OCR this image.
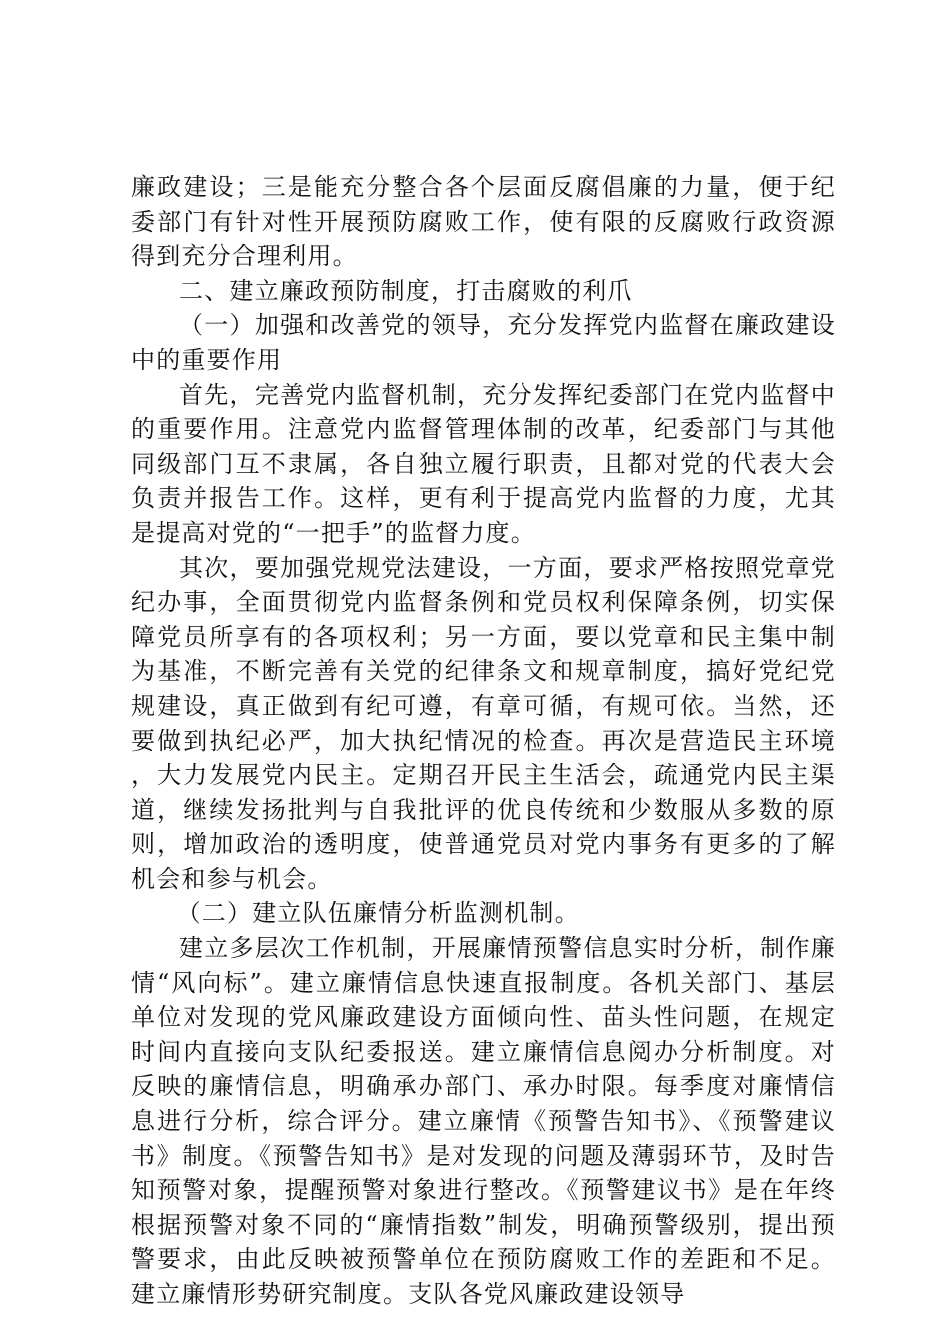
廉政建设；三是能充分整合各个层面反腐倡廉的力量，便于纪委部门有针对性开展预防腐败工作，使有限的反腐败行政资源得到充分合理利用。

二、建立廉政预防制度，打击腐败的利爪

（一）加强和改善党的领导，充分发挥党内监督在廉政建设中的重要作用

首先，完善党内监督机制，充分发挥纪委部门在党内监督中的重要作用。注意党内监督管理体制的改革，纪委部门与其他同级部门互不隶属，各自独立履行职责，且都对党的代表大会负责并报告工作。这样，更有利于提高党内监督的力度，尤其是提高对党的“一把手”的监督力度。

其次，要加强党规党法建设，一方面，要求严格按照党章党纪办事，全面贯彻党内监督条例和党员权利保障条例，切实保障党员所享有的各项权利；另一方面，要以党章和民主集中制为基准，不断完善有关党的纪律条文和规章制度，搞好党纪党规建设，真正做到有纪可遵，有章可循，有规可依。当然，还要做到执纪必严，加大执纪情况的检查。再次是营造民主环境，大力发展党内民主。定期召开民主生活会，疏通党内民主渠道，继续发扬批判与自我批评的优良传统和少数服从多数的原则，增加政治的透明度，使普通党员对党内事务有更多的了解机会和参与机会。

（二）建立队伍廉情分析监测机制。

建立多层次工作机制，开展廉情预警信息实时分析，制作廉情“风向标”。建立廉情信息快速直报制度。各机关部门、基层单位对发现的党风廉政建设方面倾向性、苗头性问题，在规定时间内直接向支队纪委报送。建立廉情信息阅办分析制度。对反映的廉情信息，明确承办部门、承办时限。每季度对廉情信息进行分析，综合评分。建立廉情《预警告知书》、《预警建议书》制度。《预警告知书》是对发现的问题及薄弱环节，及时告知预警对象，提醒预警对象进行整改。《预警建议书》是在年终根据预警对象不同的“廉情指数”制发，明确预警级别，提出预警要求，由此反映被预警单位在预防腐败工作的差距和不足。建立廉情形势研究制度。支队各党风廉政建设领导
